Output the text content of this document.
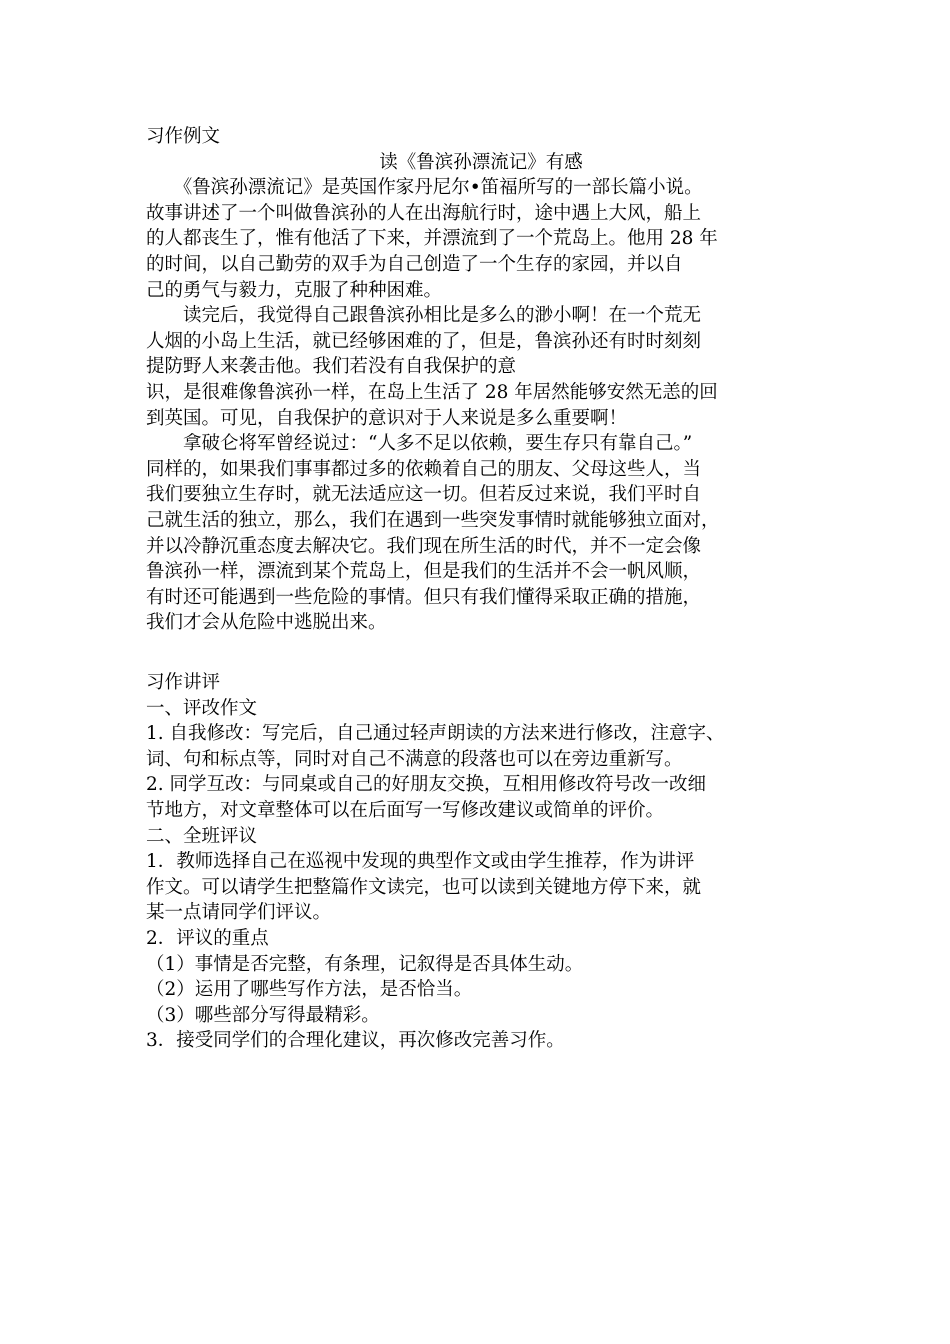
习作例文
读《鲁滨孙漂流记》有感
　　《鲁滨孙漂流记》是英国作家丹尼尔•笛福所写的一部长篇小说。
故事讲述了一个叫做鲁滨孙的人在出海航行时，途中遇上大风，船上
的人都丧生了，惟有他活了下来，并漂流到了一个荒岛上。他用 28 年
的时间，以自己勤劳的双手为自己创造了一个生存的家园，并以自
己的勇气与毅力，克服了种种困难。
　　读完后，我觉得自己跟鲁滨孙相比是多么的渺小啊！在一个荒无
人烟的小岛上生活，就已经够困难的了，但是，鲁滨孙还有时时刻刻
提防野人来袭击他。我们若没有自我保护的意
识，是很难像鲁滨孙一样，在岛上生活了 28 年居然能够安然无恙的回
到英国。可见，自我保护的意识对于人来说是多么重要啊！
　　拿破仑将军曾经说过：“人多不足以依赖，要生存只有靠自己。”
同样的，如果我们事事都过多的依赖着自己的朋友、父母这些人，当
我们要独立生存时，就无法适应这一切。但若反过来说，我们平时自
己就生活的独立，那么，我们在遇到一些突发事情时就能够独立面对，
并以冷静沉重态度去解决它。我们现在所生活的时代，并不一定会像
鲁滨孙一样，漂流到某个荒岛上，但是我们的生活并不会一帆风顺，
有时还可能遇到一些危险的事情。但只有我们懂得采取正确的措施，
我们才会从危险中逃脱出来。
习作讲评
一、评改作文
1. 自我修改：写完后，自己通过轻声朗读的方法来进行修改，注意字、
词、句和标点等，同时对自己不满意的段落也可以在旁边重新写。
2. 同学互改：与同桌或自己的好朋友交换，互相用修改符号改一改细
节地方，对文章整体可以在后面写一写修改建议或简单的评价。
二、全班评议
1．教师选择自己在巡视中发现的典型作文或由学生推荐，作为讲评
作文。可以请学生把整篇作文读完，也可以读到关键地方停下来，就
某一点请同学们评议。
2．评议的重点
（1）事情是否完整，有条理，记叙得是否具体生动。
（2）运用了哪些写作方法，是否恰当。
（3）哪些部分写得最精彩。
3．接受同学们的合理化建议，再次修改完善习作。
